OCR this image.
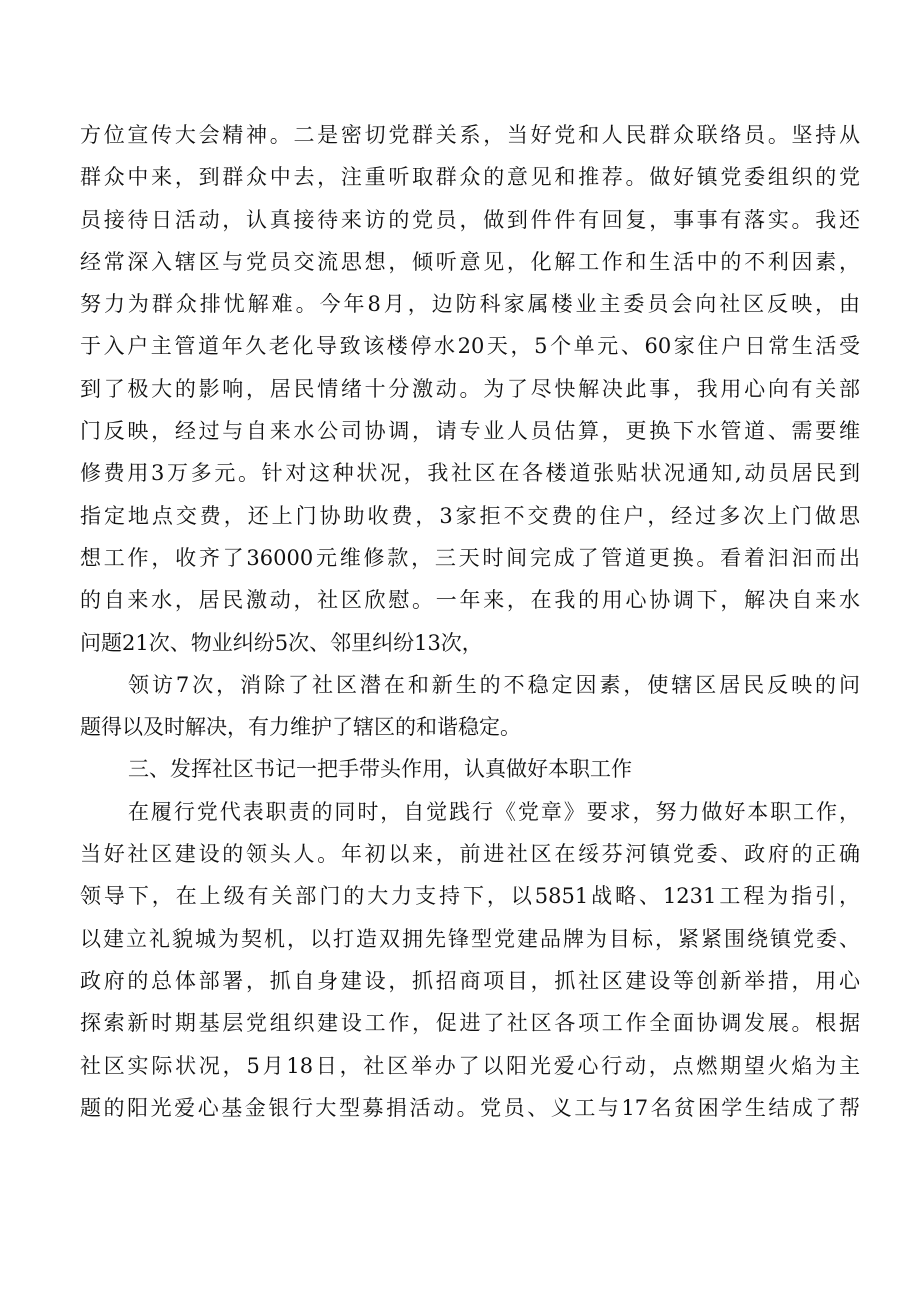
方位宣传大会精神。二是密切党群关系，当好党和人民群众联络员。坚持从
群众中来，到群众中去，注重听取群众的意见和推荐。做好镇党委组织的党
员接待日活动，认真接待来访的党员，做到件件有回复，事事有落实。我还
经常深入辖区与党员交流思想，倾听意见，化解工作和生活中的不利因素，
努力为群众排忧解难。今年8月，边防科家属楼业主委员会向社区反映，由
于入户主管道年久老化导致该楼停水20天，5个单元、60家住户日常生活受
到了极大的影响，居民情绪十分激动。为了尽快解决此事，我用心向有关部
门反映，经过与自来水公司协调，请专业人员估算，更换下水管道、需要维
修费用3万多元。针对这种状况，我社区在各楼道张贴状况通知,动员居民到
指定地点交费，还上门协助收费，3家拒不交费的住户，经过多次上门做思
想工作，收齐了36000元维修款，三天时间完成了管道更换。看着汩汩而出
的自来水，居民激动，社区欣慰。一年来，在我的用心协调下，解决自来水
问题21次、物业纠纷5次、邻里纠纷13次，
领访7次，消除了社区潜在和新生的不稳定因素，使辖区居民反映的问
题得以及时解决，有力维护了辖区的和谐稳定。
三、发挥社区书记一把手带头作用，认真做好本职工作
在履行党代表职责的同时，自觉践行《党章》要求，努力做好本职工作，
当好社区建设的领头人。年初以来，前进社区在绥芬河镇党委、政府的正确
领导下，在上级有关部门的大力支持下，以5851战略、1231工程为指引，
以建立礼貌城为契机，以打造双拥先锋型党建品牌为目标，紧紧围绕镇党委、
政府的总体部署，抓自身建设，抓招商项目，抓社区建设等创新举措，用心
探索新时期基层党组织建设工作，促进了社区各项工作全面协调发展。根据
社区实际状况，5月18日，社区举办了以阳光爱心行动，点燃期望火焰为主
题的阳光爱心基金银行大型募捐活动。党员、义工与17名贫困学生结成了帮
